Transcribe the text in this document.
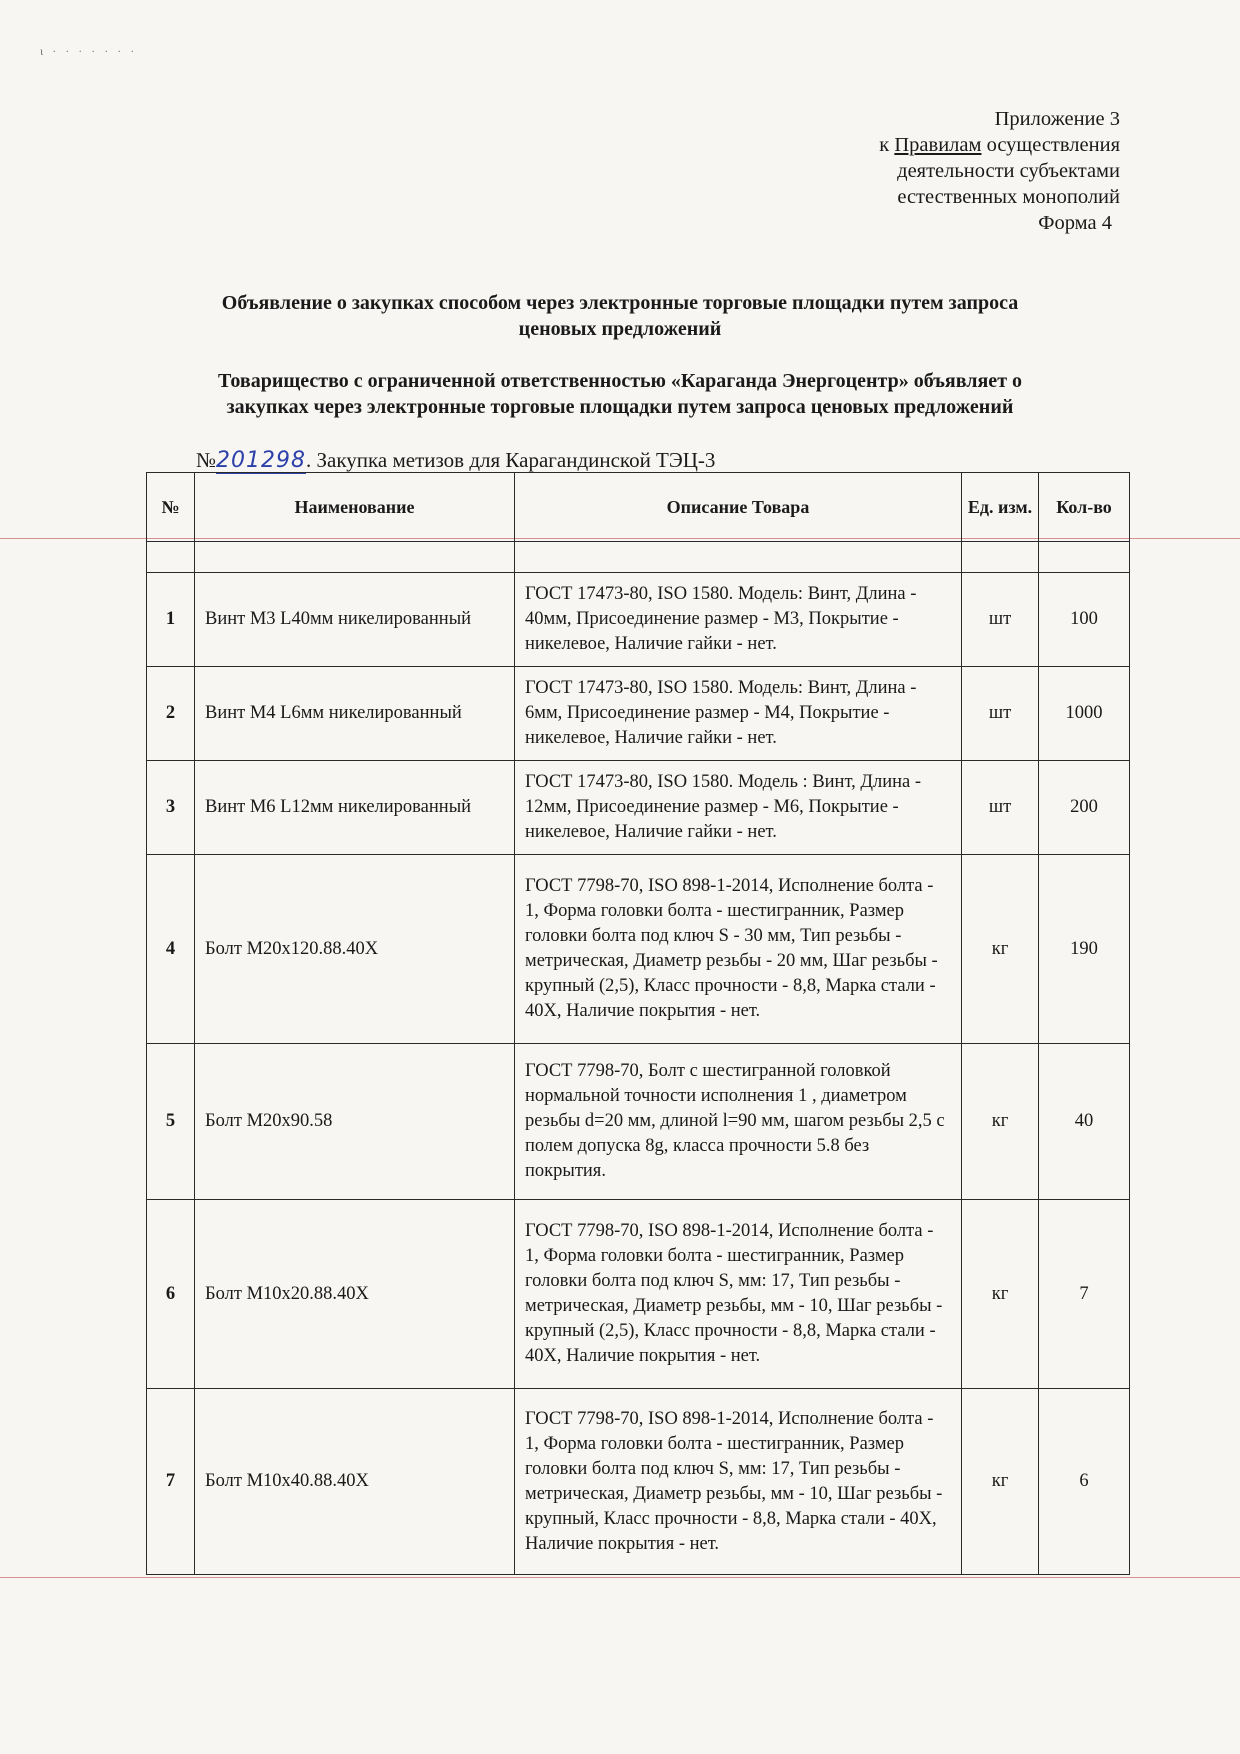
ι · · · · · · ·
Приложение 3
к Правилам осуществления
деятельности субъектами
естественных монополий
Форма 4
Объявление о закупках способом через электронные торговые площадки путем запроса
ценовых предложений
Товарищество с ограниченной ответственностью «Караганда Энергоцентр» объявляет о
закупках через электронные торговые площадки путем запроса ценовых предложений
№201298. Закупка метизов для Карагандинской ТЭЦ-3
№	Наименование	Описание Товара	Ед. изм.	Кол-во

1	Винт М3 L40мм никелированный	ГОСТ 17473-80, ISO 1580. Модель: Винт, Длина - 40мм, Присоединение размер - М3, Покрытие - никелевое, Наличие гайки - нет.	шт	100
2	Винт М4 L6мм никелированный	ГОСТ 17473-80, ISO 1580. Модель: Винт, Длина - 6мм, Присоединение размер - М4, Покрытие - никелевое, Наличие гайки - нет.	шт	1000
3	Винт М6 L12мм никелированный	ГОСТ 17473-80, ISO 1580. Модель : Винт, Длина - 12мм, Присоединение размер - М6, Покрытие - никелевое, Наличие гайки - нет.	шт	200
4	Болт М20х120.88.40Х	ГОСТ 7798-70, ISO 898-1-2014, Исполнение болта - 1, Форма головки болта - шестигранник, Размер головки болта под ключ S - 30 мм, Тип резьбы - метрическая, Диаметр резьбы - 20 мм, Шаг резьбы - крупный (2,5), Класс прочности - 8,8, Марка стали - 40Х, Наличие покрытия - нет.	кг	190
5	Болт М20х90.58	ГОСТ 7798-70, Болт с шестигранной головкой нормальной точности исполнения 1 , диаметром резьбы d=20 мм, длиной l=90 мм, шагом резьбы 2,5 с полем допуска 8g, класса прочности 5.8 без покрытия.	кг	40
6	Болт М10х20.88.40Х	ГОСТ 7798-70, ISO 898-1-2014, Исполнение болта - 1, Форма головки болта - шестигранник, Размер головки болта под ключ S, мм: 17, Тип резьбы - метрическая, Диаметр резьбы, мм - 10, Шаг резьбы - крупный (2,5), Класс прочности - 8,8, Марка стали - 40Х, Наличие покрытия - нет.	кг	7
7	Болт М10х40.88.40Х	ГОСТ 7798-70, ISO 898-1-2014, Исполнение болта - 1, Форма головки болта - шестигранник, Размер головки болта под ключ S, мм: 17, Тип резьбы - метрическая, Диаметр резьбы, мм - 10, Шаг резьбы - крупный, Класс прочности - 8,8, Марка стали - 40Х, Наличие покрытия - нет.	кг	6
